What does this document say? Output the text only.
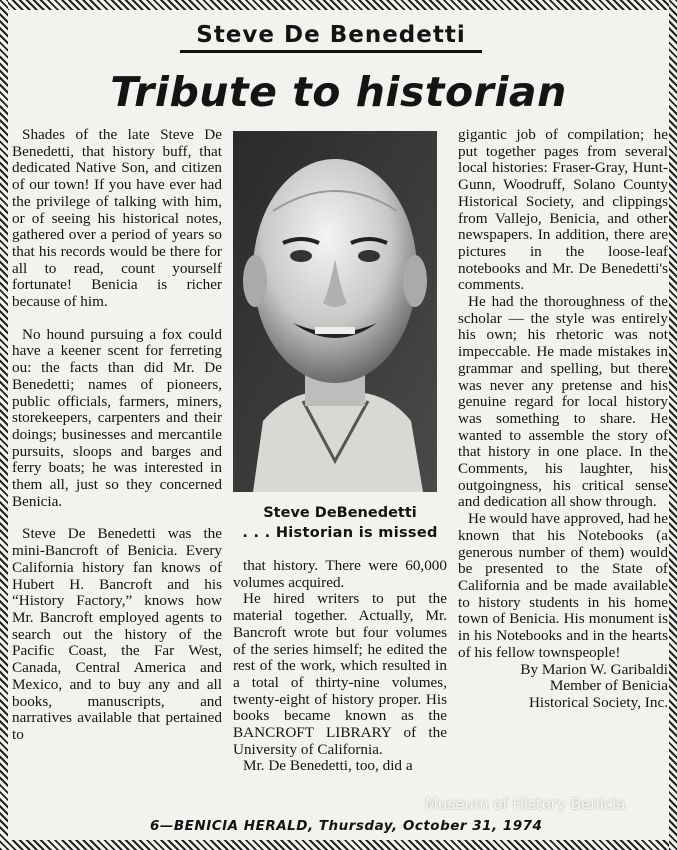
Steve De Benedetti
Tribute to historian

Shades of the late Steve De Benedetti, that history buff, that dedicated Native Son, and citizen of our town! If you have ever had the privilege of talking with him, or of seeing his historical notes, gathered over a period of years so that his records would be there for all to read, count yourself fortunate! Benicia is richer because of him.

No hound pursuing a fox could have a keener scent for ferreting ou: the facts than did Mr. De Benedetti; names of pioneers, public officials, farmers, miners, storekeepers, carpenters and their doings; businesses and mercantile pursuits, sloops and barges and ferry boats; he was interested in them all, just so they concerned Benicia.

Steve De Benedetti was the mini-Bancroft of Benicia. Every California history fan knows of Hubert H. Bancroft and his “History Factory,” knows how Mr. Bancroft employed agents to search out the history of the Pacific Coast, the Far West, Canada, Central America and Mexico, and to buy any and all books, manuscripts, and narratives available that pertained to

Steve DeBenedetti
. . . Historian is missed

that history. There were 60,000 volumes acquired.

He hired writers to put the material together. Actually, Mr. Bancroft wrote but four volumes of the series himself; he edited the rest of the work, which resulted in a total of thirty-nine volumes, twenty-eight of history proper. His books became known as the BANCROFT LIBRARY of the University of California.

Mr. De Benedetti, too, did a

gigantic job of compilation; he put together pages from several local histories: Fraser-Gray, Hunt-Gunn, Woodruff, Solano County Historical Society, and clippings from Vallejo, Benicia, and other newspapers. In addition, there are pictures in the loose-leaf notebooks and Mr. De Benedetti's comments.

He had the thoroughness of the scholar — the style was entirely his own; his rhetoric was not impeccable. He made mistakes in grammar and spelling, but there was never any pretense and his genuine regard for local history was something to share. He wanted to assemble the story of that history in one place. In the Comments, his laughter, his outgoingness, his critical sense and dedication all show through.

He would have approved, had he known that his Notebooks (a generous number of them) would be presented to the State of California and be made available to history students in his home town of Benicia. His monument is in his Notebooks and in the hearts of his fellow townspeople!

By Marion W. Garibaldi
Member of Benicia
Historical Society, Inc.
6—BENICIA HERALD, Thursday, October 31, 1974
Museum of History Benicia
